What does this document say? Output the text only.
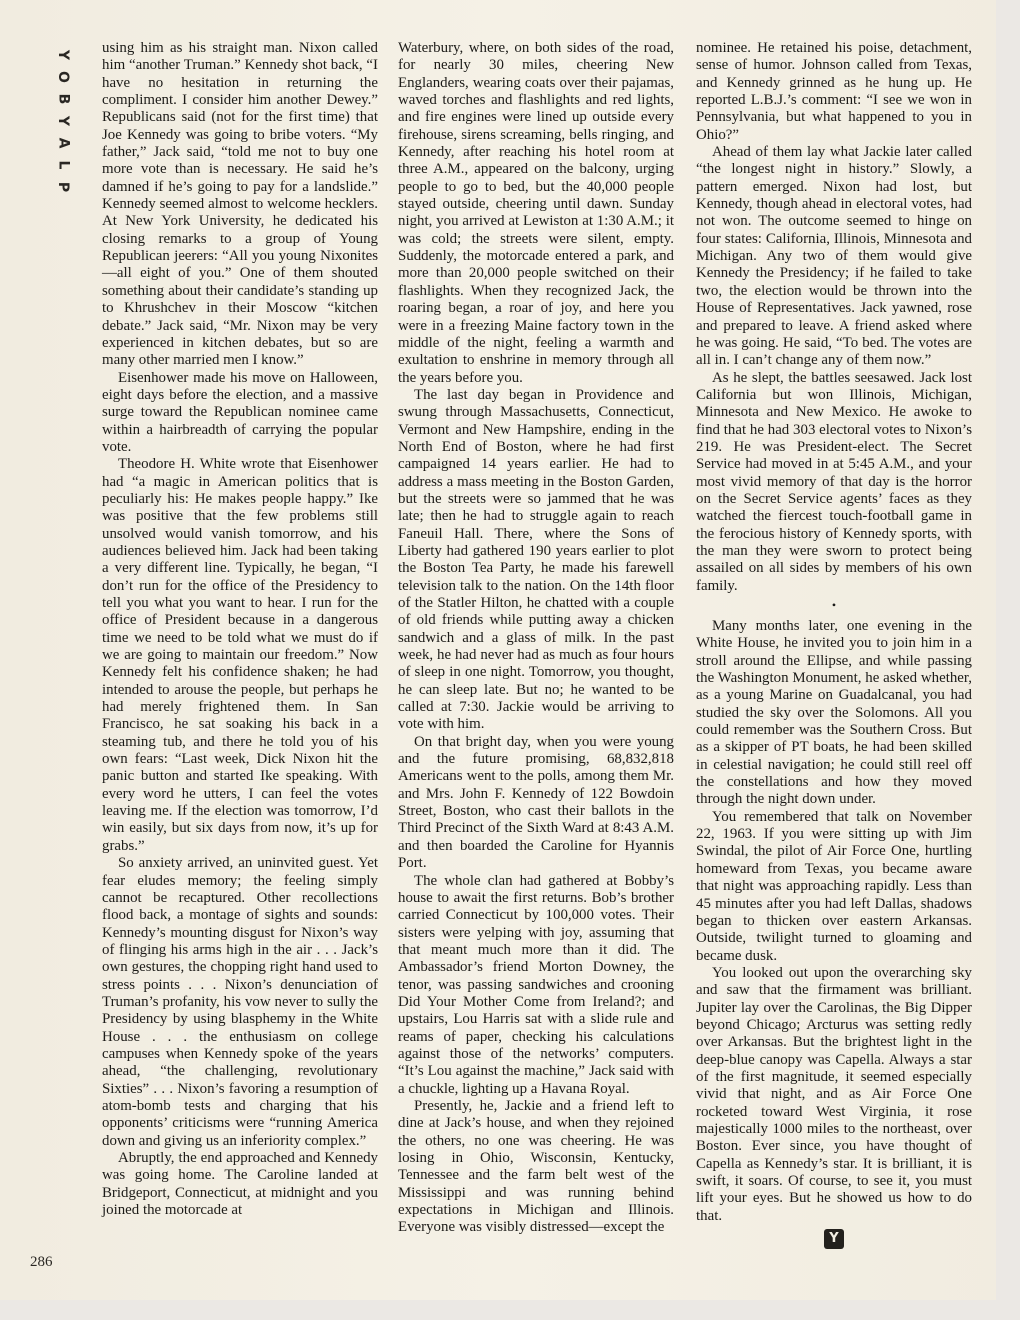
Y
O
B
Y
A
L
P
286

using him as his straight man. Nixon called him “another Truman.” Kennedy shot back, “I have no hesitation in returning the compliment. I consider him another Dewey.” Republicans said (not for the first time) that Joe Kennedy was going to bribe voters. “My father,” Jack said, “told me not to buy one more vote than is necessary. He said he’s damned if he’s going to pay for a landslide.” Kennedy seemed almost to welcome hecklers. At New York University, he dedicated his closing remarks to a group of Young Republican jeerers: “All you young Nixonites—all eight of you.” One of them shouted something about their candidate’s standing up to Khrushchev in their Moscow “kitchen debate.” Jack said, “Mr. Nixon may be very experienced in kitchen debates, but so are many other married men I know.”

Eisenhower made his move on Halloween, eight days before the election, and a massive surge toward the Republican nominee came within a hairbreadth of carrying the popular vote.

Theodore H. White wrote that Eisenhower had “a magic in American politics that is peculiarly his: He makes people happy.” Ike was positive that the few problems still unsolved would vanish tomorrow, and his audiences believed him. Jack had been taking a very different line. Typically, he began, “I don’t run for the office of the Presidency to tell you what you want to hear. I run for the office of President because in a dangerous time we need to be told what we must do if we are going to maintain our freedom.” Now Kennedy felt his confidence shaken; he had intended to arouse the people, but perhaps he had merely frightened them. In San Francisco, he sat soaking his back in a steaming tub, and there he told you of his own fears: “Last week, Dick Nixon hit the panic button and started Ike speaking. With every word he utters, I can feel the votes leaving me. If the election was tomorrow, I’d win easily, but six days from now, it’s up for grabs.”

So anxiety arrived, an uninvited guest. Yet fear eludes memory; the feeling simply cannot be recaptured. Other recollections flood back, a montage of sights and sounds: Kennedy’s mounting disgust for Nixon’s way of flinging his arms high in the air . . . Jack’s own gestures, the chopping right hand used to stress points . . . Nixon’s denunciation of Truman’s profanity, his vow never to sully the Presidency by using blasphemy in the White House . . . the enthusiasm on college campuses when Kennedy spoke of the years ahead, “the challenging, revolutionary Sixties” . . . Nixon’s favoring a resumption of atom-bomb tests and charging that his opponents’ criticisms were “running America down and giving us an inferiority complex.”

Abruptly, the end approached and Kennedy was going home. The Caroline landed at Bridgeport, Connecticut, at midnight and you joined the motorcade at

Waterbury, where, on both sides of the road, for nearly 30 miles, cheering New Englanders, wearing coats over their pajamas, waved torches and flashlights and red lights, and fire engines were lined up outside every firehouse, sirens screaming, bells ringing, and Kennedy, after reaching his hotel room at three A.M., appeared on the balcony, urging people to go to bed, but the 40,000 people stayed outside, cheering until dawn. Sunday night, you arrived at Lewiston at 1:30 A.M.; it was cold; the streets were silent, empty. Suddenly, the motorcade entered a park, and more than 20,000 people switched on their flashlights. When they recognized Jack, the roaring began, a roar of joy, and here you were in a freezing Maine factory town in the middle of the night, feeling a warmth and exultation to enshrine in memory through all the years before you.

The last day began in Providence and swung through Massachusetts, Connecticut, Vermont and New Hampshire, ending in the North End of Boston, where he had first campaigned 14 years earlier. He had to address a mass meeting in the Boston Garden, but the streets were so jammed that he was late; then he had to struggle again to reach Faneuil Hall. There, where the Sons of Liberty had gathered 190 years earlier to plot the Boston Tea Party, he made his farewell television talk to the nation. On the 14th floor of the Statler Hilton, he chatted with a couple of old friends while putting away a chicken sandwich and a glass of milk. In the past week, he had never had as much as four hours of sleep in one night. Tomorrow, you thought, he can sleep late. But no; he wanted to be called at 7:30. Jackie would be arriving to vote with him.

On that bright day, when you were young and the future promising, 68,832,818 Americans went to the polls, among them Mr. and Mrs. John F. Kennedy of 122 Bowdoin Street, Boston, who cast their ballots in the Third Precinct of the Sixth Ward at 8:43 A.M. and then boarded the Caroline for Hyannis Port.

The whole clan had gathered at Bobby’s house to await the first returns. Bob’s brother carried Connecticut by 100,000 votes. Their sisters were yelping with joy, assuming that that meant much more than it did. The Ambassador’s friend Morton Downey, the tenor, was passing sandwiches and crooning Did Your Mother Come from Ireland?; and upstairs, Lou Harris sat with a slide rule and reams of paper, checking his calculations against those of the networks’ computers. “It’s Lou against the machine,” Jack said with a chuckle, lighting up a Havana Royal.

Presently, he, Jackie and a friend left to dine at Jack’s house, and when they rejoined the others, no one was cheering. He was losing in Ohio, Wisconsin, Kentucky, Tennessee and the farm belt west of the Mississippi and was running behind expectations in Michigan and Illinois. Everyone was visibly distressed—except the

nominee. He retained his poise, detachment, sense of humor. Johnson called from Texas, and Kennedy grinned as he hung up. He reported L.B.J.’s comment: “I see we won in Pennsylvania, but what happened to you in Ohio?”

Ahead of them lay what Jackie later called “the longest night in history.” Slowly, a pattern emerged. Nixon had lost, but Kennedy, though ahead in electoral votes, had not won. The outcome seemed to hinge on four states: California, Illinois, Minnesota and Michigan. Any two of them would give Kennedy the Presidency; if he failed to take two, the election would be thrown into the House of Representatives. Jack yawned, rose and prepared to leave. A friend asked where he was going. He said, “To bed. The votes are all in. I can’t change any of them now.”

As he slept, the battles seesawed. Jack lost California but won Illinois, Michigan, Minnesota and New Mexico. He awoke to find that he had 303 electoral votes to Nixon’s 219. He was President-elect. The Secret Service had moved in at 5:45 A.M., and your most vivid memory of that day is the horror on the Secret Service agents’ faces as they watched the fiercest touch-football game in the ferocious history of Kennedy sports, with the man they were sworn to protect being assailed on all sides by members of his own family.

•

Many months later, one evening in the White House, he invited you to join him in a stroll around the Ellipse, and while passing the Washington Monument, he asked whether, as a young Marine on Guadalcanal, you had studied the sky over the Solomons. All you could remember was the Southern Cross. But as a skipper of PT boats, he had been skilled in celestial navigation; he could still reel off the constellations and how they moved through the night down under.

You remembered that talk on November 22, 1963. If you were sitting up with Jim Swindal, the pilot of Air Force One, hurtling homeward from Texas, you became aware that night was approaching rapidly. Less than 45 minutes after you had left Dallas, shadows began to thicken over eastern Arkansas. Outside, twilight turned to gloaming and became dusk.

You looked out upon the overarching sky and saw that the firmament was brilliant. Jupiter lay over the Carolinas, the Big Dipper beyond Chicago; Arcturus was setting redly over Arkansas. But the brightest light in the deep-blue canopy was Capella. Always a star of the first magnitude, it seemed especially vivid that night, and as Air Force One rocketed toward West Virginia, it rose majestically 1000 miles to the northeast, over Boston. Ever since, you have thought of Capella as Kennedy’s star. It is brilliant, it is swift, it soars. Of course, to see it, you must lift your eyes. But he showed us how to do that.

Y
